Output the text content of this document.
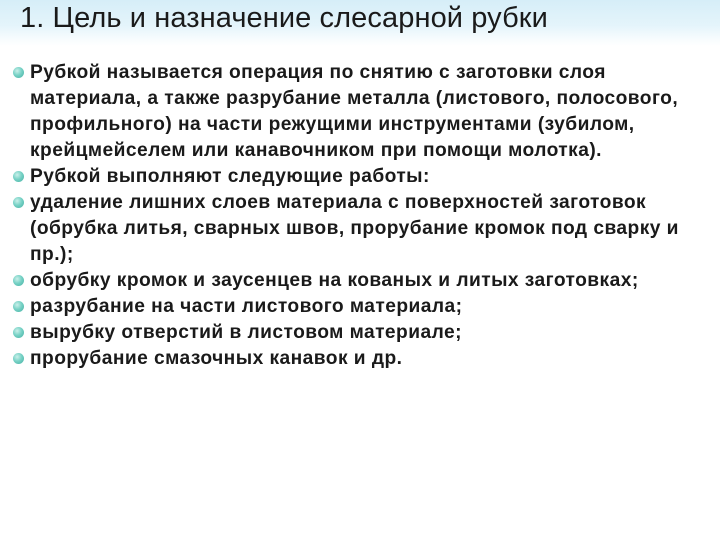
1. Цель и назначение слесарной рубки
Рубкой называется операция по снятию с заготовки слоя материала, а также разрубание металла (листового, полосового, профильного) на части режущими инструментами (зубилом, крейцмейселем или канавочником при помощи молотка).
Рубкой выполняют следующие работы:
удаление лишних слоев материала с поверхностей заготовок (обрубка литья, сварных швов, прорубание кромок под сварку и пр.);
обрубку кромок и заусенцев на кованых и литых заготовках;
разрубание на части листового материала;
вырубку отверстий в листовом материале;
прорубание смазочных канавок и др.
